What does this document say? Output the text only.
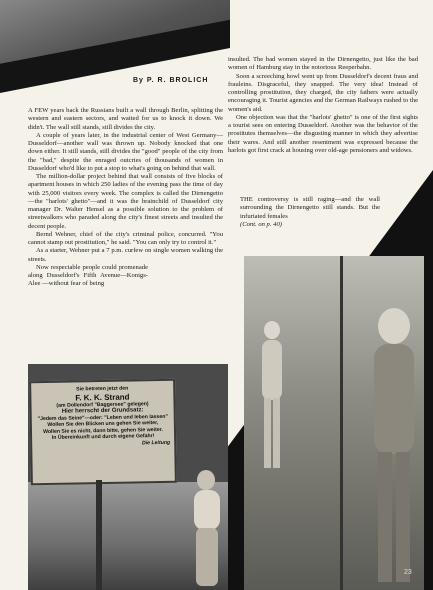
By P. R. BROLICH

A FEW years back the Russians built a wall through Berlin, splitting the western and eastern sectors, and waited for us to knock it down. We didn't. The wall still stands, still divides the city.

A couple of years later, in the industrial center of West Germany—Dusseldorf—another wall was thrown up. Nobody knocked that one down either. It still stands, still divides the "good" people of the city from the "bad," despite the enraged outcries of thousands of women in Dusseldorf who'd like to put a stop to what's going on behind that wall.

The million-dollar project behind that wall consists of five blocks of apartment houses in which 250 ladies of the evening pass the time of day with 25,000 visitors every week. The complex is called the Dirnengetto—the "harlots' ghetto"—and it was the brainchild of Dusseldorf city manager Dr. Walter Hensel as a possible solution to the problem of streetwalkers who paraded along the city's finest streets and insulted the decent people.

Bernd Wehner, chief of the city's criminal police, concurred. "You cannot stamp out prostitution," he said. "You can only try to control it."

As a starter, Wehner put a 7 p.m. curfew on single women walking the streets.

Now respectable people could promenade along Dusseldorf's Fifth Avenue—Konigs-Alee —without fear of being

insulted. The bad women stayed in the Dirnengetto, just like the bad women of Hamburg stay in the notorious Reeperbahn.

Soon a screeching howl went up from Dusseldorf's decent fraus and frauleins. Disgraceful, they snapped. The very idea! Instead of controlling prostitution, they charged, the city fathers were actually encouraging it. Tourist agencies and the German Railways rushed to the women's aid.

One objection was that the "harlots' ghetto" is one of the first sights a tourist sees on entering Dusseldorf. Another was the behavior of the prostitutes themselves—the disgusting manner in which they advertise their wares. And still another resentment was expressed because the harlots got first crack at housing over old-age pensioners and widows.

THE controversy is still raging—and the wall surrounding the Dirnengetto still stands. But the infuriated females

(Cont. on p. 40)

Sie betreten jetzt den
F. K. K. Strand
(am Dollendorf "Baggersee" gelegen)
Hier herrscht der Grundsatz:
"Jedem das Seine"—oder: "Leben und leben lassen"
Wollen Sie den Blicken uns gehen Sie weiter,
Wollen Sie es nicht, dann bitte, gehen Sie weiter.
In Übereinkunft und durch eigene Gefahr!
Die Leitung
23
